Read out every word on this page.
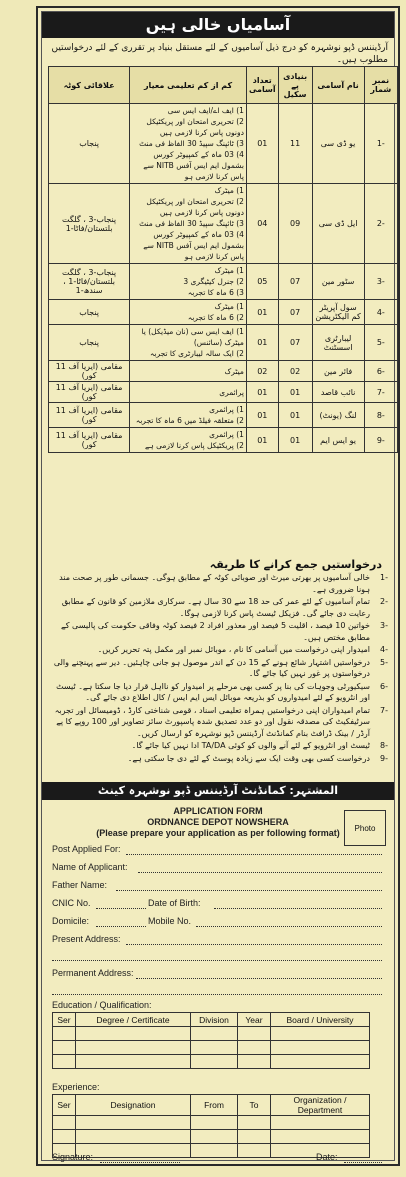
آسامیاں خالی ہیں
آرڈیننس ڈپو نوشہرہ کو درج ذیل آسامیوں کے لئے مستقل بنیاد پر تقرری کے لئے درخواستیں مطلوب ہیں۔
نمبر شمار	نام آسامی	بنیادی پے سکیل	تعداد آسامی	کم از کم تعلیمی معیار	علاقائی کوٹہ
-1	یو ڈی سی	11	01	1) ایف اے/ایف ایس سی
2) تحریری امتحان اور پریکٹیکل دونوں پاس کرنا لازمی ہیں
3) ٹائپنگ سپیڈ 30 الفاظ فی منٹ
4) 03 ماہ کے کمپیوٹر کورس بشمول ایم ایس آفس NITB سے پاس کرنا لازمی ہو	پنجاب
-2	ایل ڈی سی	09	04	1) میٹرک
2) تحریری امتحان اور پریکٹیکل دونوں پاس کرنا لازمی ہیں
3) ٹائپنگ سپیڈ 30 الفاظ فی منٹ
4) 03 ماہ کے کمپیوٹر کورس بشمول ایم ایس آفس NITB سے پاس کرنا لازمی ہو	پنجاب-3 ، گلگت بلتستان/فاٹا-1
-3	سٹور مین	07	05	1) میٹرک
2) جنرل کیٹیگری 3
3) 6 ماہ کا تجربہ	پنجاب-3 ، گلگت بلتستان/فاٹا-1 ، سندھ-1
-4	سول آپریٹر کم الیکٹریشن	07	01	1) میٹرک
2) 6 ماہ کا تجربہ	پنجاب
-5	لیبارٹری اسسٹنٹ	07	01	1) ایف ایس سی (نان میڈیکل) یا میٹرک (سائنس)
2) ایک سالہ لیبارٹری کا تجربہ	پنجاب
-6	فائر مین	02	02	میٹرک	مقامی (ایریا آف 11 کور)
-7	نائب قاصد	01	01	پرائمری	مقامی (ایریا آف 11 کور)
-8	لنگ (یونٹ)	01	01	1) پرائمری
2) متعلقہ فیلڈ میں 6 ماہ کا تجربہ	مقامی (ایریا آف 11 کور)
-9	یو ایس ایم	01	01	1) پرائمری
2) پریکٹیکل پاس کرنا لازمی ہے	مقامی (ایریا آف 11 کور)
درخواستیں جمع کرانے کا طریقہ
-1
خالی آسامیوں پر بھرتی میرٹ اور صوبائی کوٹہ کے مطابق ہوگی۔ جسمانی طور پر صحت مند ہونا ضروری ہے۔
-2
تمام آسامیوں کے لئے عمر کی حد 18 سے 30 سال ہے۔ سرکاری ملازمین کو قانون کے مطابق رعایت دی جائے گی۔ فزیکل ٹیسٹ پاس کرنا لازمی ہوگا۔
-3
خواتین 10 فیصد ، اقلیت 5 فیصد اور معذور افراد 2 فیصد کوٹہ وفاقی حکومت کی پالیسی کے مطابق مختص ہیں۔
-4
امیدوار اپنی درخواست میں آسامی کا نام ، موبائل نمبر اور مکمل پتہ تحریر کریں۔
-5
درخواستیں اشتہار شائع ہونے کے 15 دن کے اندر موصول ہو جانی چاہئیں۔ دیر سے پہنچنے والی درخواستوں پر غور نہیں کیا جائے گا۔
-6
سیکیورٹی وجوہات کی بنا پر کسی بھی مرحلے پر امیدوار کو نااہل قرار دیا جا سکتا ہے۔ ٹیسٹ اور انٹرویو کے لئے امیدواروں کو بذریعہ موبائل ایس ایم ایس / کال اطلاع دی جائے گی۔
-7
تمام امیدواران اپنی درخواستیں ہمراہ تعلیمی اسناد ، قومی شناختی کارڈ ، ڈومیسائل اور تجربہ سرٹیفکیٹ کی مصدقہ نقول اور دو عدد تصدیق شدہ پاسپورٹ سائز تصاویر اور 100 روپے کا پے آرڈر / بینک ڈرافٹ بنام کمانڈنٹ آرڈیننس ڈپو نوشہرہ کو ارسال کریں۔
-8
ٹیسٹ اور انٹرویو کے لئے آنے والوں کو کوئی TA/DA ادا نہیں کیا جائے گا۔
-9
درخواست کسی بھی وقت ایک سے زیادہ پوسٹ کے لئے دی جا سکتی ہے۔
المشتہر: کمانڈنٹ آرڈیننس ڈپو نوشہرہ کینٹ
APPLICATION FORM
ORDNANCE DEPOT NOWSHERA
(Please prepare your application as per following format)	Photo
Post Applied For:
Name of Applicant:
Father Name:
CNIC No.	Date of Birth:
Domicile:	Mobile No.
Present Address:
Permanent Address:
Education / Qualification:
Ser	Degree / Certificate	Division	Year	Board / University

Experience:
Ser	Designation	From	To	Organization / Department

Signature:	Date:
